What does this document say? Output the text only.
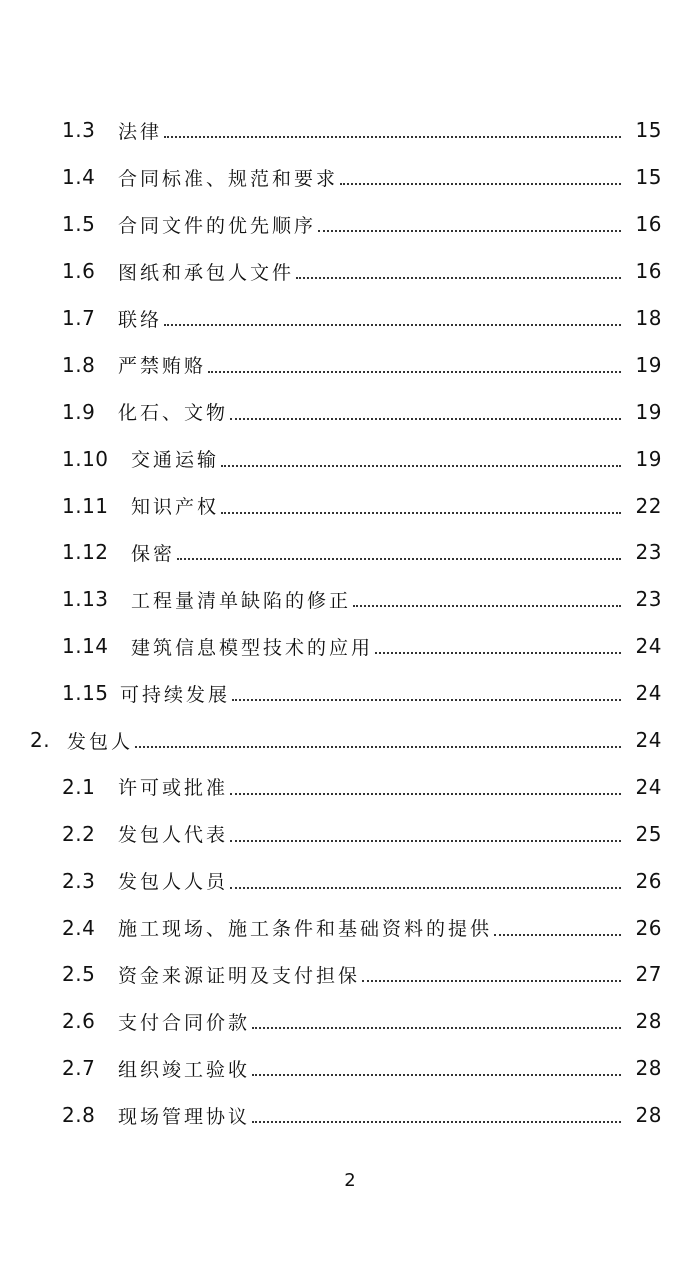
1.3	法律	15
1.4	合同标准、规范和要求	15
1.5	合同文件的优先顺序	16
1.6	图纸和承包人文件	16
1.7	联络	18
1.8	严禁贿赂	19
1.9	化石、文物	19
1.10	交通运输	19
1.11	知识产权	22
1.12	保密	23
1.13	工程量清单缺陷的修正	23
1.14	建筑信息模型技术的应用	24
1.15 可持续发展	24
2. 发包人	24
2.1	许可或批准	24
2.2	发包人代表	25
2.3	发包人人员	26
2.4	施工现场、施工条件和基础资料的提供	26
2.5	资金来源证明及支付担保	27
2.6	支付合同价款	28
2.7	组织竣工验收	28
2.8	现场管理协议	28
2
